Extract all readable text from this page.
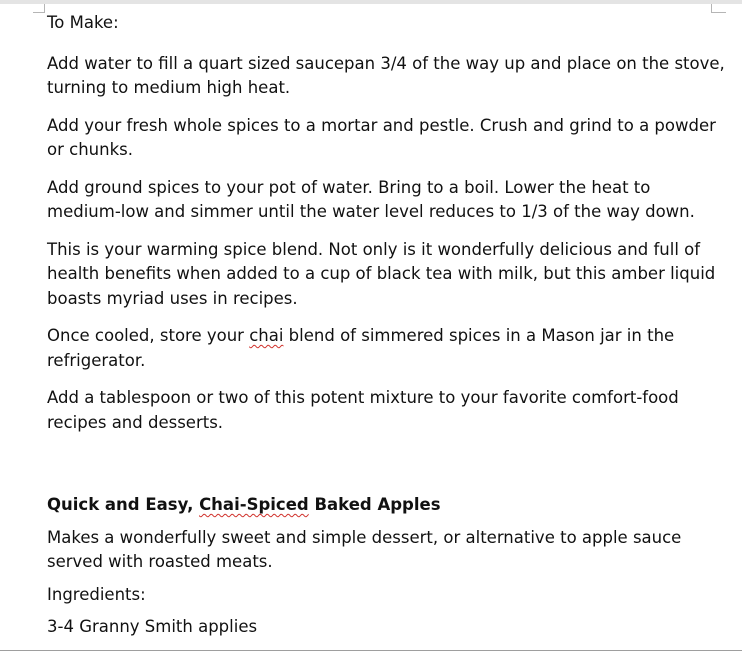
To Make:

Add water to fill a quart sized saucepan 3/4 of the way up and place on the stove, turning to medium high heat.

Add your fresh whole spices to a mortar and pestle. Crush and grind to a powder or chunks.

Add ground spices to your pot of water. Bring to a boil. Lower the heat to medium-low and simmer until the water level reduces to 1/3 of the way down.

This is your warming spice blend. Not only is it wonderfully delicious and full of health benefits when added to a cup of black tea with milk, but this amber liquid boasts myriad uses in recipes.

Once cooled, store your chai blend of simmered spices in a Mason jar in the refrigerator.

Add a tablespoon or two of this potent mixture to your favorite comfort-food recipes and desserts.

Quick and Easy, Chai-Spiced Baked Apples

Makes a wonderfully sweet and simple dessert, or alternative to apple sauce served with roasted meats.

Ingredients:

3-4 Granny Smith applies
